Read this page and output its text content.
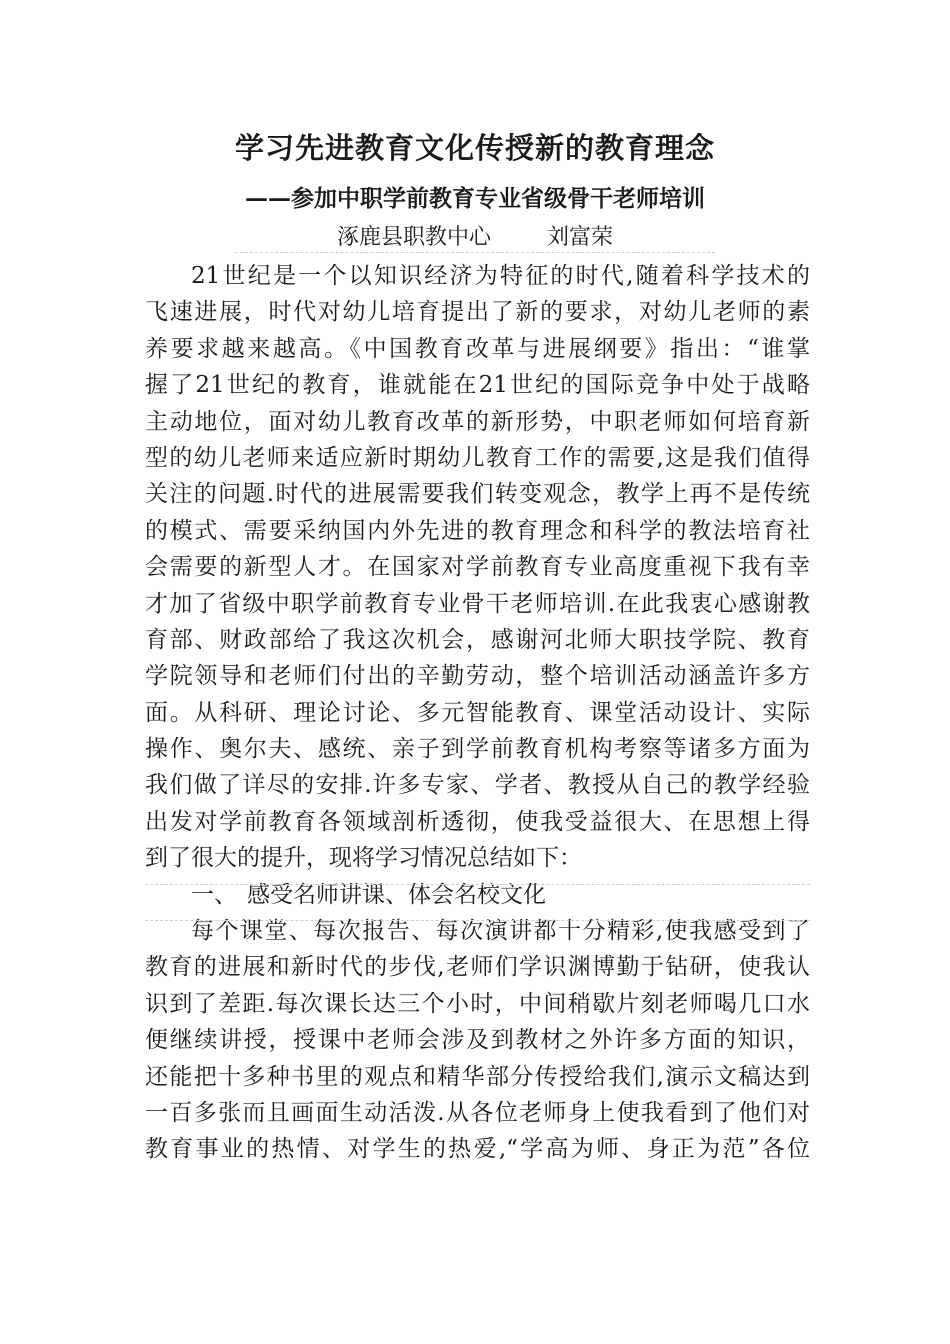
学习先进教育文化传授新的教育理念
——参加中职学前教育专业省级骨干老师培训
涿鹿县职教中心	刘富荣
21世纪是一个以知识经济为特征的时代,随着科学技术的
飞速进展，时代对幼儿培育提出了新的要求，对幼儿老师的素
养要求越来越高。《中国教育改革与进展纲要》指出：“谁掌
握了21世纪的教育，谁就能在21世纪的国际竞争中处于战略
主动地位，面对幼儿教育改革的新形势，中职老师如何培育新
型的幼儿老师来适应新时期幼儿教育工作的需要,这是我们值得
关注的问题.时代的进展需要我们转变观念，教学上再不是传统
的模式、需要采纳国内外先进的教育理念和科学的教法培育社
会需要的新型人才。在国家对学前教育专业高度重视下我有幸
才加了省级中职学前教育专业骨干老师培训.在此我衷心感谢教
育部、财政部给了我这次机会，感谢河北师大职技学院、教育
学院领导和老师们付出的辛勤劳动，整个培训活动涵盖许多方
面。从科研、理论讨论、多元智能教育、课堂活动设计、实际
操作、奥尔夫、感统、亲子到学前教育机构考察等诸多方面为
我们做了详尽的安排.许多专家、学者、教授从自己的教学经验
出发对学前教育各领域剖析透彻，使我受益很大、在思想上得
到了很大的提升，现将学习情况总结如下：
一、 感受名师讲课、体会名校文化
每个课堂、每次报告、每次演讲都十分精彩,使我感受到了
教育的进展和新时代的步伐,老师们学识渊博勤于钻研，使我认
识到了差距.每次课长达三个小时，中间稍歇片刻老师喝几口水
便继续讲授，授课中老师会涉及到教材之外许多方面的知识，
还能把十多种书里的观点和精华部分传授给我们,演示文稿达到
一百多张而且画面生动活泼.从各位老师身上使我看到了他们对
教育事业的热情、对学生的热爱,“学高为师、身正为范”各位
